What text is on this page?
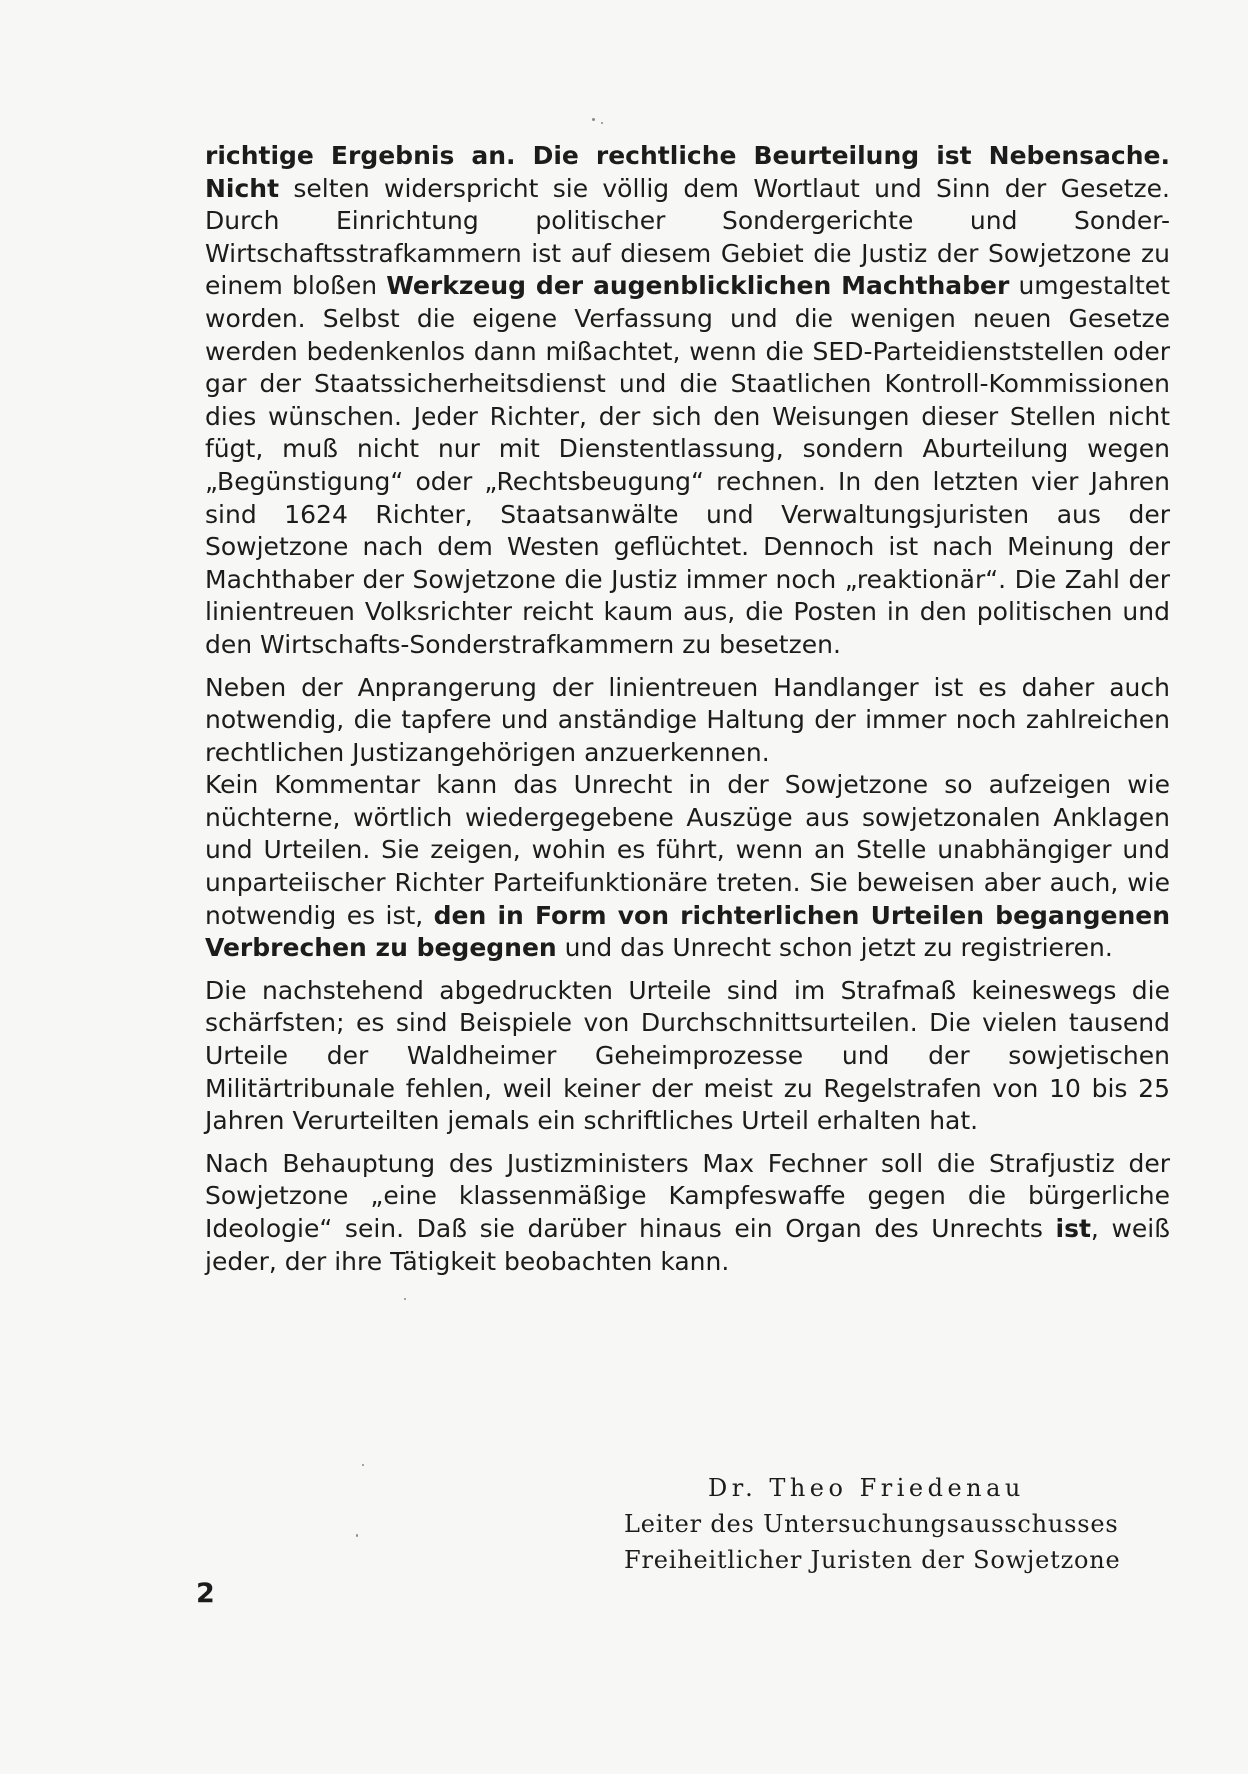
richtige Ergebnis an. Die rechtliche Beurteilung ist Nebensache. Nicht selten widerspricht sie völlig dem Wortlaut und Sinn der Gesetze. Durch Einrichtung politischer Sondergerichte und Sonder-Wirtschaftsstrafkammern ist auf diesem Gebiet die Justiz der Sowjetzone zu einem bloßen Werkzeug der augenblicklichen Machthaber umgestaltet worden. Selbst die eigene Verfassung und die wenigen neuen Gesetze werden bedenkenlos dann mißachtet, wenn die SED-Parteidienststellen oder gar der Staatssicherheitsdienst und die Staatlichen Kontroll-Kommissionen dies wünschen. Jeder Richter, der sich den Weisungen dieser Stellen nicht fügt, muß nicht nur mit Dienstentlassung, sondern Aburteilung wegen „Begünstigung“ oder „Rechtsbeugung“ rechnen. In den letzten vier Jahren sind 1624 Richter, Staatsanwälte und Verwaltungsjuristen aus der Sowjetzone nach dem Westen geflüchtet. Dennoch ist nach Meinung der Machthaber der Sowjetzone die Justiz immer noch „reaktionär“. Die Zahl der linientreuen Volksrichter reicht kaum aus, die Posten in den politischen und den Wirtschafts-Sonderstrafkammern zu besetzen.

Neben der Anprangerung der linientreuen Handlanger ist es daher auch notwendig, die tapfere und anständige Haltung der immer noch zahlreichen rechtlichen Justizangehörigen anzuerkennen.

Kein Kommentar kann das Unrecht in der Sowjetzone so aufzeigen wie nüchterne, wörtlich wiedergegebene Auszüge aus sowjetzonalen Anklagen und Urteilen. Sie zeigen, wohin es führt, wenn an Stelle unabhängiger und unparteiischer Richter Parteifunktionäre treten. Sie beweisen aber auch, wie notwendig es ist, den in Form von richterlichen Urteilen begangenen Verbrechen zu begegnen und das Unrecht schon jetzt zu registrieren.

Die nachstehend abgedruckten Urteile sind im Strafmaß keineswegs die schärfsten; es sind Beispiele von Durchschnittsurteilen. Die vielen tausend Urteile der Waldheimer Geheimprozesse und der sowjetischen Militärtribunale fehlen, weil keiner der meist zu Regelstrafen von 10 bis 25 Jahren Verurteilten jemals ein schriftliches Urteil erhalten hat.

Nach Behauptung des Justizministers Max Fechner soll die Strafjustiz der Sowjetzone „eine klassenmäßige Kampfeswaffe gegen die bürgerliche Ideologie“ sein. Daß sie darüber hinaus ein Organ des Unrechts ist, weiß jeder, der ihre Tätigkeit beobachten kann.

Dr. Theo Friedenau
Leiter des Untersuchungsausschusses
Freiheitlicher Juristen der Sowjetzone
2
